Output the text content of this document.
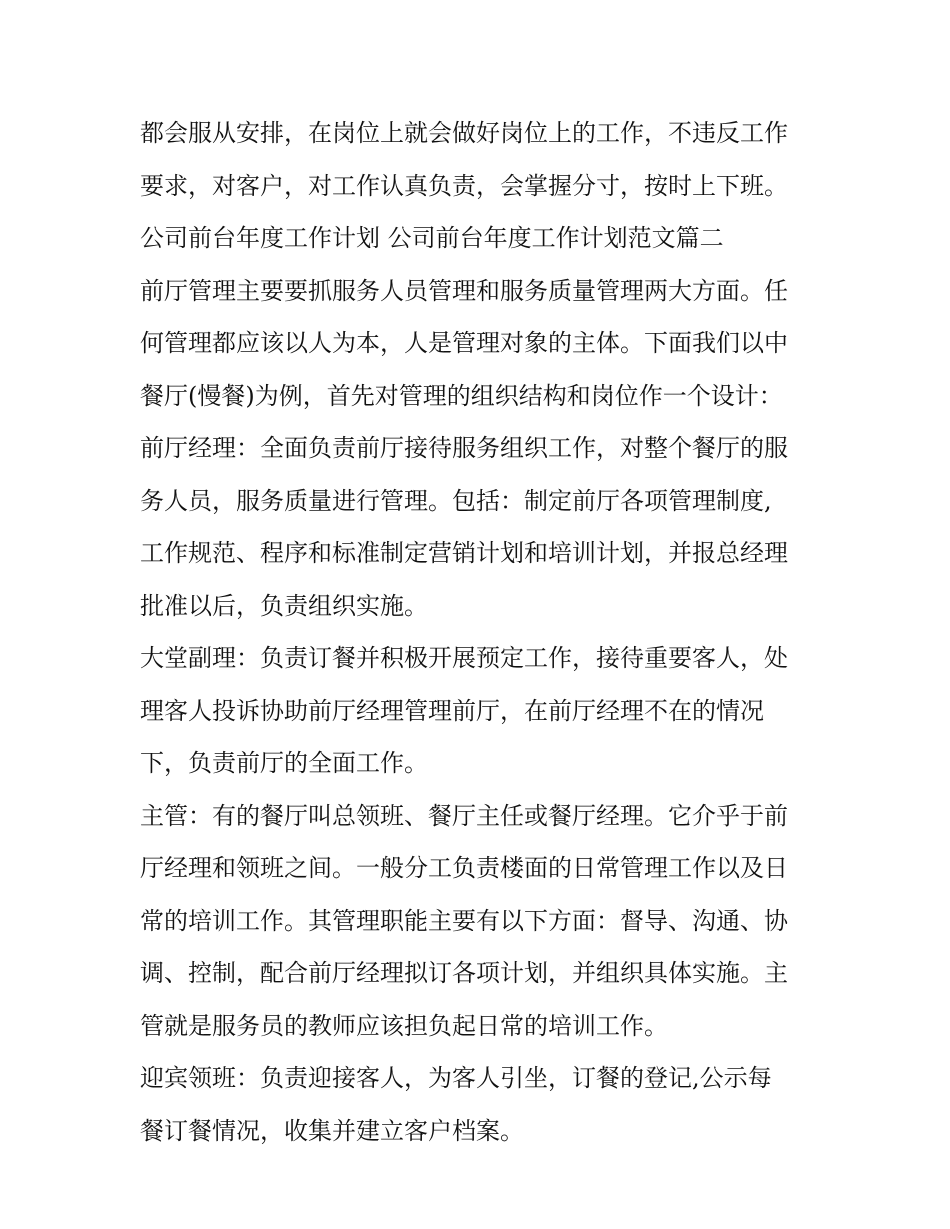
都会服从安排，在岗位上就会做好岗位上的工作，不违反工作

要求，对客户，对工作认真负责，会掌握分寸，按时上下班。

公司前台年度工作计划 公司前台年度工作计划范文篇二

前厅管理主要要抓服务人员管理和服务质量管理两大方面。任

何管理都应该以人为本，人是管理对象的主体。下面我们以中

餐厅(慢餐)为例，首先对管理的组织结构和岗位作一个设计：

前厅经理：全面负责前厅接待服务组织工作，对整个餐厅的服

务人员，服务质量进行管理。包括：制定前厅各项管理制度,

工作规范、程序和标准制定营销计划和培训计划，并报总经理

批准以后，负责组织实施。

大堂副理：负责订餐并积极开展预定工作，接待重要客人，处

理客人投诉协助前厅经理管理前厅，在前厅经理不在的情况

下，负责前厅的全面工作。

主管：有的餐厅叫总领班、餐厅主任或餐厅经理。它介乎于前

厅经理和领班之间。一般分工负责楼面的日常管理工作以及日

常的培训工作。其管理职能主要有以下方面：督导、沟通、协

调、控制，配合前厅经理拟订各项计划，并组织具体实施。主

管就是服务员的教师应该担负起日常的培训工作。

迎宾领班：负责迎接客人，为客人引坐，订餐的登记,公示每

餐订餐情况，收集并建立客户档案。
